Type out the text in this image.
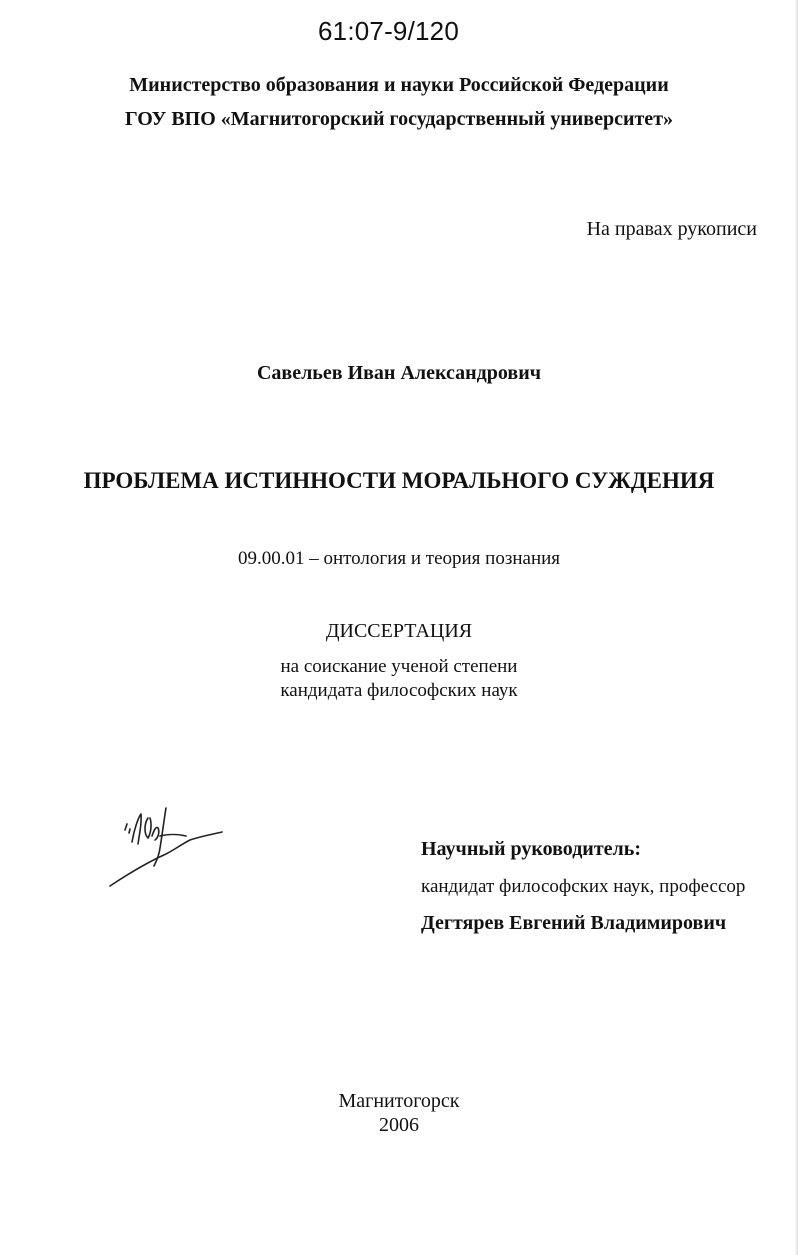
61:07-9/120
Министерство образования и науки Российской Федерации
ГОУ ВПО «Магнитогорский государственный университет»
На правах рукописи
Савельев Иван Александрович
ПРОБЛЕМА ИСТИННОСТИ МОРАЛЬНОГО СУЖДЕНИЯ
09.00.01 – онтология и теория познания
ДИССЕРТАЦИЯ
на соискание ученой степени
кандидата философских наук
Научный руководитель:
кандидат философских наук, профессор
Дегтярев Евгений Владимирович
Магнитогорск
2006
